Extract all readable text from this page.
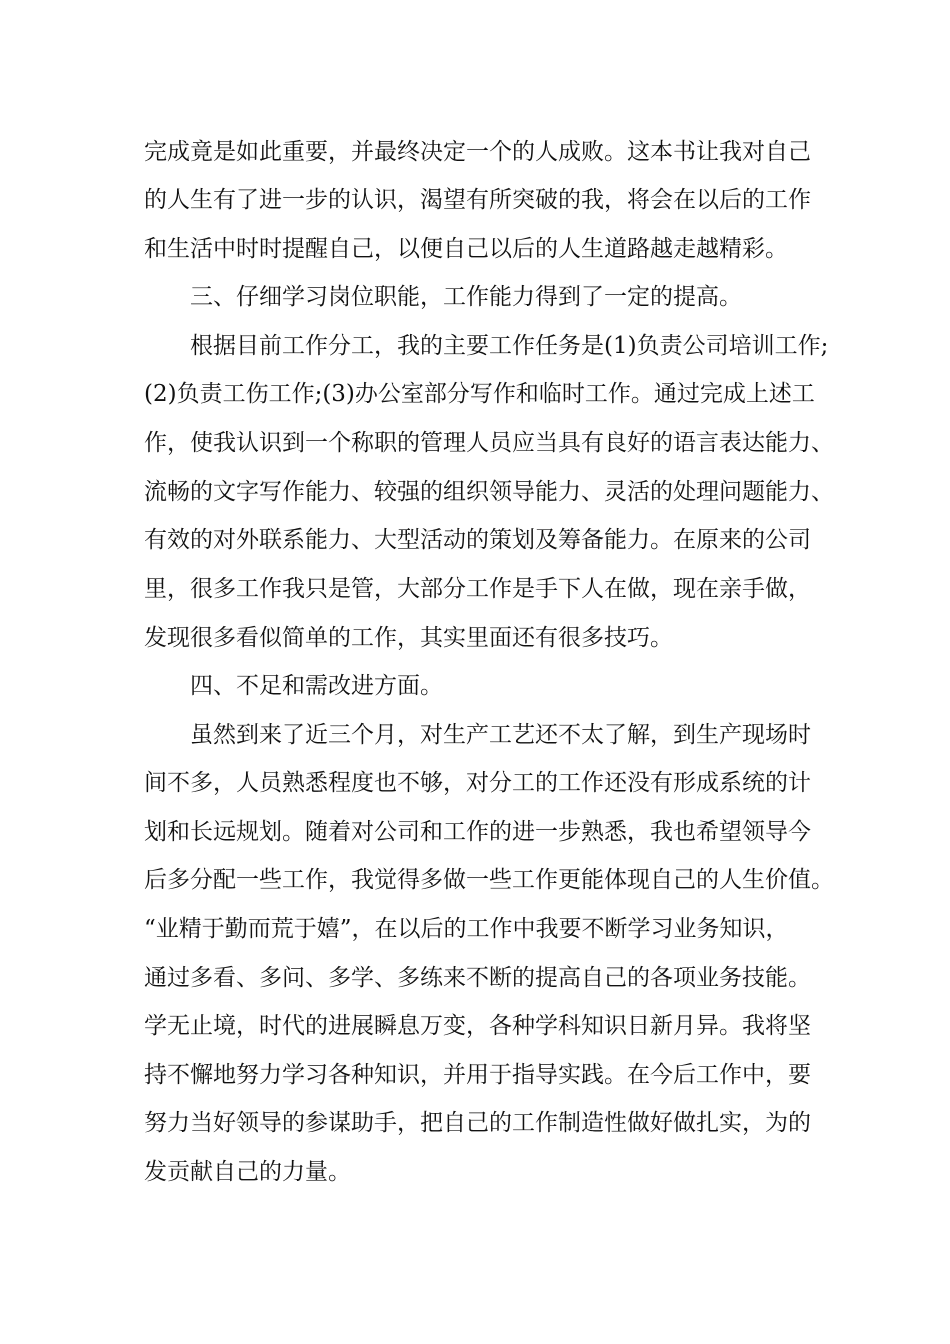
完成竟是如此重要，并最终决定一个的人成败。这本书让我对自己
的人生有了进一步的认识，渴望有所突破的我，将会在以后的工作
和生活中时时提醒自己，以便自己以后的人生道路越走越精彩。
三、仔细学习岗位职能，工作能力得到了一定的提高。
根据目前工作分工，我的主要工作任务是(1)负责公司培训工作;
(2)负责工伤工作;(3)办公室部分写作和临时工作。通过完成上述工
作，使我认识到一个称职的管理人员应当具有良好的语言表达能力、
流畅的文字写作能力、较强的组织领导能力、灵活的处理问题能力、
有效的对外联系能力、大型活动的策划及筹备能力。在原来的公司
里，很多工作我只是管，大部分工作是手下人在做，现在亲手做，
发现很多看似简单的工作，其实里面还有很多技巧。
四、不足和需改进方面。
虽然到来了近三个月，对生产工艺还不太了解，到生产现场时
间不多，人员熟悉程度也不够，对分工的工作还没有形成系统的计
划和长远规划。随着对公司和工作的进一步熟悉，我也希望领导今
后多分配一些工作，我觉得多做一些工作更能体现自己的人生价值。
“业精于勤而荒于嬉”，在以后的工作中我要不断学习业务知识，
通过多看、多问、多学、多练来不断的提高自己的各项业务技能。
学无止境，时代的进展瞬息万变，各种学科知识日新月异。我将坚
持不懈地努力学习各种知识，并用于指导实践。在今后工作中，要
努力当好领导的参谋助手，把自己的工作制造性做好做扎实，为的
发贡献自己的力量。
